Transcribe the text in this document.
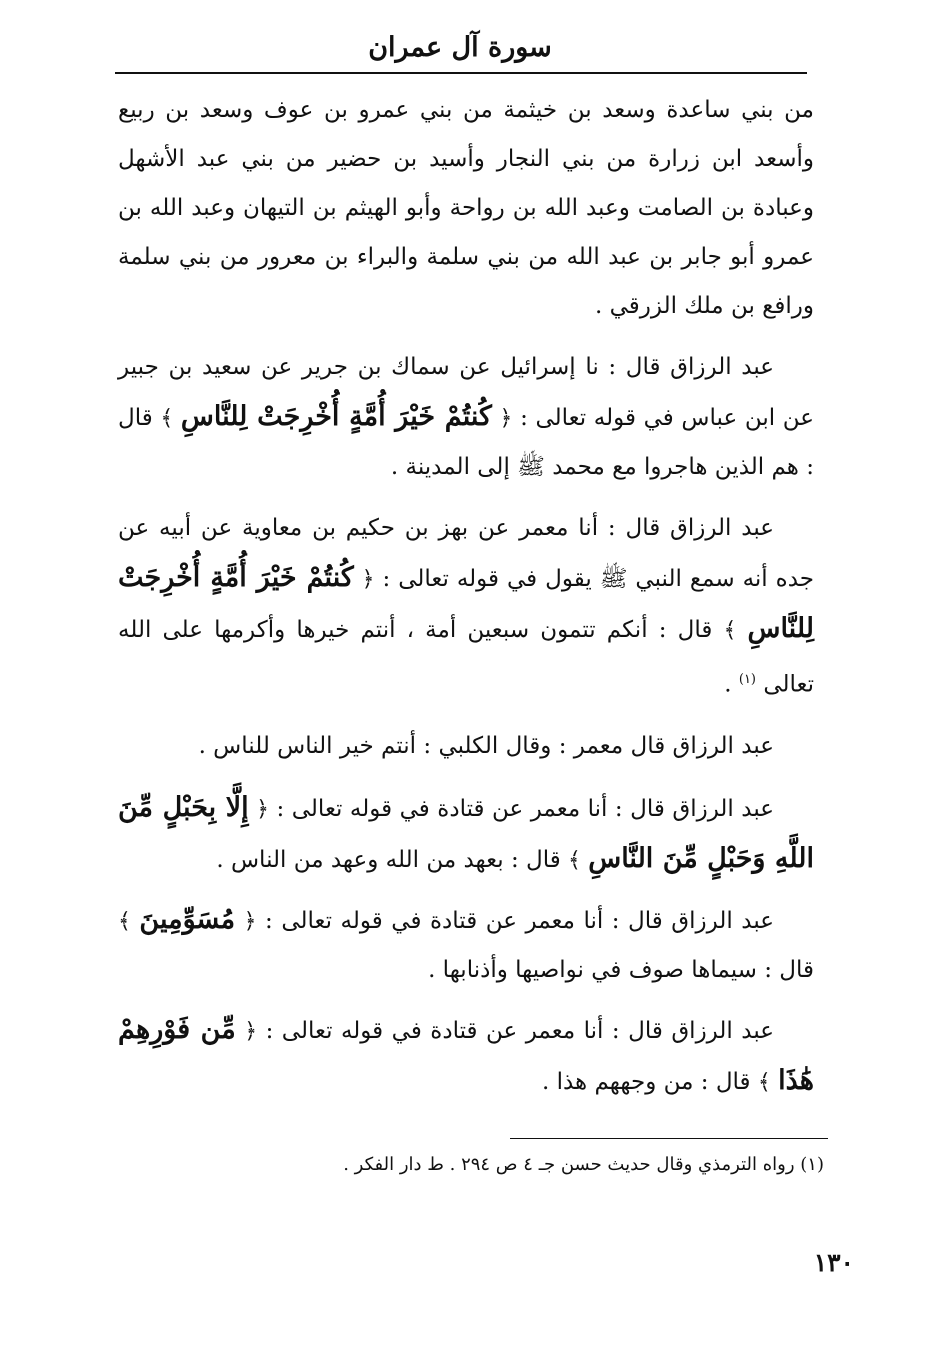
سورة آل عمران

من بني ساعدة وسعد بن خيثمة من بني عمرو بن عوف وسعد بن ربيع وأسعد ابن زرارة من بني النجار وأسيد بن حضير من بني عبد الأشهل وعبادة بن الصامت وعبد الله بن رواحة وأبو الهيثم بن التيهان وعبد الله بن عمرو أبو جابر بن عبد الله من بني سلمة والبراء بن معرور من بني سلمة ورافع بن ملك الزرقي .

عبد الرزاق قال : نا إسرائيل عن سماك بن جرير عن سعيد بن جبير عن ابن عباس في قوله تعالى : ﴿ كُنتُمْ خَيْرَ أُمَّةٍ أُخْرِجَتْ لِلنَّاسِ ﴾ قال : هم الذين هاجروا مع محمد ﷺ إلى المدينة .

عبد الرزاق قال : أنا معمر عن بهز بن حكيم بن معاوية عن أبيه عن جده أنه سمع النبي ﷺ يقول في قوله تعالى : ﴿ كُنتُمْ خَيْرَ أُمَّةٍ أُخْرِجَتْ لِلنَّاسِ ﴾ قال : أنكم تتمون سبعين أمة ، أنتم خيرها وأكرمها على الله تعالى $^{(١)}$ .

عبد الرزاق قال معمر : وقال الكلبي : أنتم خير الناس للناس .

عبد الرزاق قال : أنا معمر عن قتادة في قوله تعالى : ﴿ إِلَّا بِحَبْلٍ مِّنَ اللَّهِ وَحَبْلٍ مِّنَ النَّاسِ ﴾ قال : بعهد من الله وعهد من الناس .

عبد الرزاق قال : أنا معمر عن قتادة في قوله تعالى : ﴿ مُسَوِّمِينَ ﴾ قال : سيماها صوف في نواصيها وأذنابها .

عبد الرزاق قال : أنا معمر عن قتادة في قوله تعالى : ﴿ مِّن فَوْرِهِمْ هَٰذَا ﴾ قال : من وجههم هذا .

(١) رواه الترمذي وقال حديث حسن جـ ٤ ص ٢٩٤ . ط دار الفكر .
١٣٠
